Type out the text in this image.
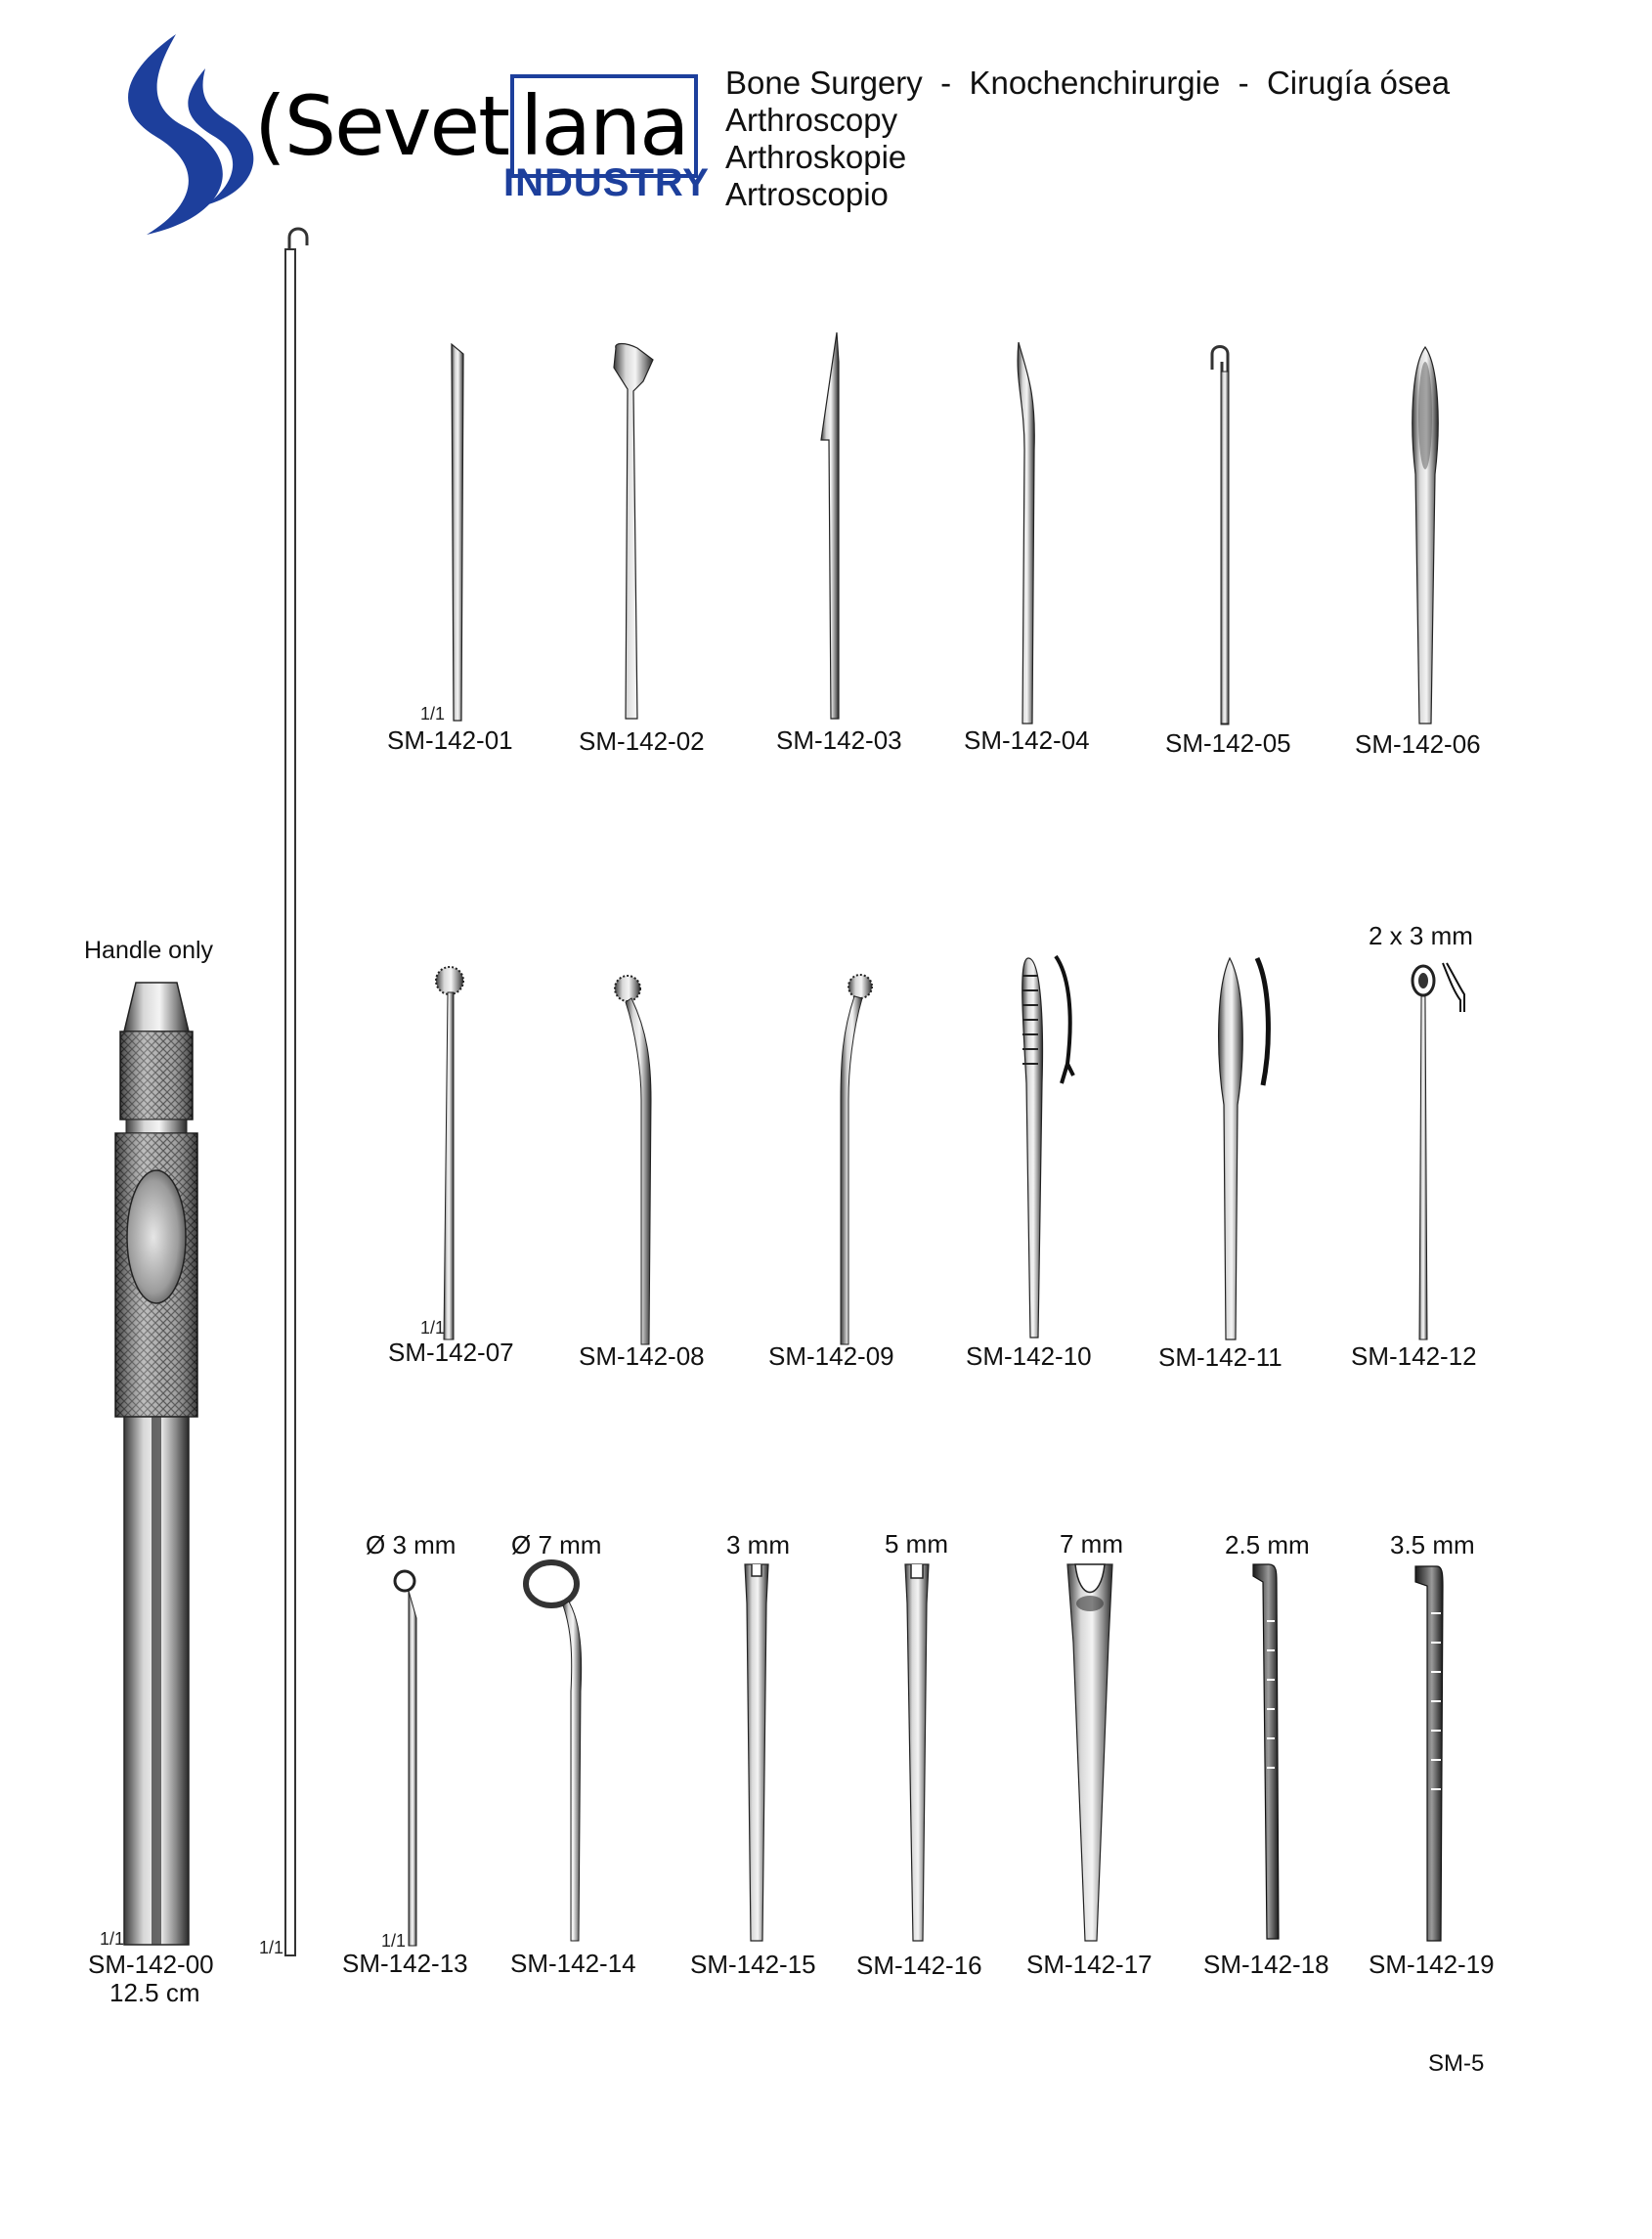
(Sevet lana
INDUSTRY
Bone Surgery  -  Knochenchirurgie  -  Cirugía ósea
Arthroscopy
Arthroskopie
Artroscopio
1/1
Handle only
1/1
SM-142-00
12.5 cm
1/1
SM-142-01	SM-142-02	SM-142-03 SM-142-04	SM-142-05	SM-142-06
2 x 3 mm
1/1
SM-142-07	SM-142-08	SM-142-09	SM-142-10	SM-142-11	SM-142-12
Ø 3 mm Ø 7 mm	3 mm	5 mm	7 mm	2.5 mm	3.5 mm
1/1
SM-142-13 SM-142-14 SM-142-15 SM-142-16 SM-142-17 SM-142-18 SM-142-19
SM-5
